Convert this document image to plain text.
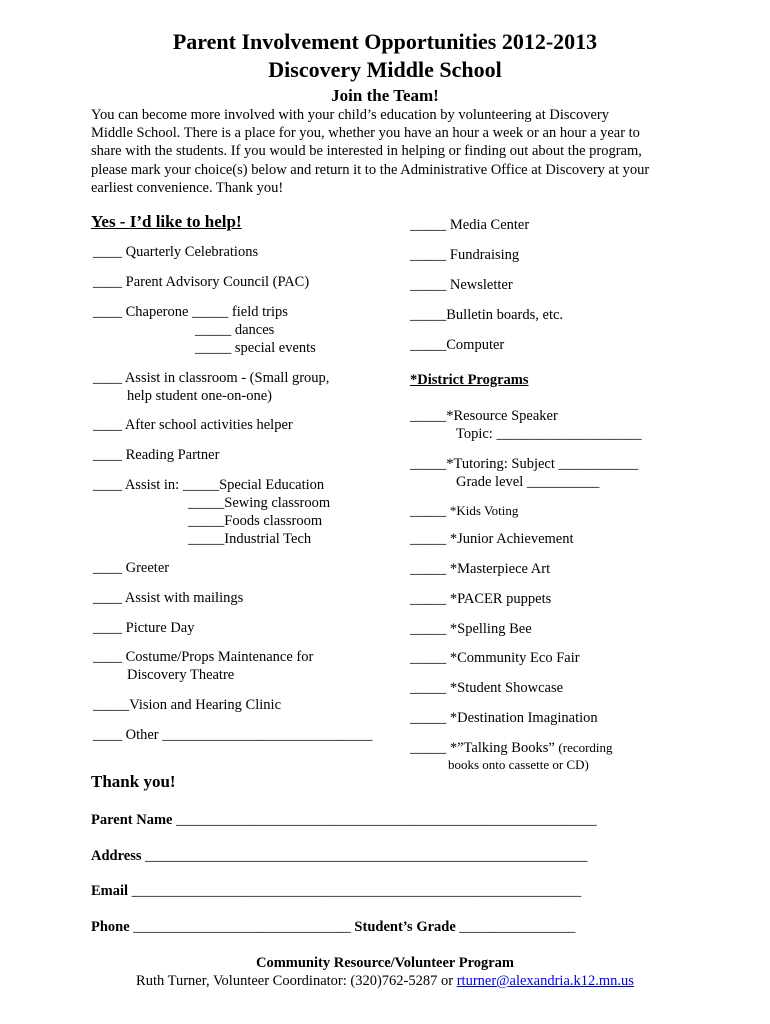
Parent Involvement Opportunities 2012-2013
Discovery Middle School
Join the Team!
You can become more involved with your child’s education by volunteering at Discovery
Middle School. There is a place for you, whether you have an hour a week or an hour a year to
share with the students. If you would be interested in helping or finding out about the program,
please mark your choice(s) below and return it to the Administrative Office at Discovery at your
earliest convenience. Thank you!
Yes - I’d like to help!
____ Quarterly Celebrations
____ Parent Advisory Council (PAC)
____ Chaperone _____ field trips
_____ dances
_____ special events
____ Assist in classroom - (Small group,
help student one-on-one)
____ After school activities helper
____ Reading Partner
____ Assist in: _____Special Education
_____Sewing classroom
_____Foods classroom
_____Industrial Tech
____ Greeter
____ Assist with mailings
____ Picture Day
____ Costume/Props Maintenance for
Discovery Theatre
_____Vision and Hearing Clinic
____ Other _____________________________
_____ Media Center
_____ Fundraising
_____ Newsletter
_____Bulletin boards, etc.
_____Computer
*District Programs
_____*Resource Speaker
Topic: ____________________
_____*Tutoring: Subject ___________
Grade level __________
_____ *Kids Voting
_____ *Junior Achievement
_____ *Masterpiece Art
_____ *PACER puppets
_____ *Spelling Bee
_____ *Community Eco Fair
_____ *Student Showcase
_____ *Destination Imagination
_____ *”Talking Books” (recording
books onto cassette or CD)
Thank you!
Parent Name __________________________________________________________
Address _____________________________________________________________
Email ______________________________________________________________
Phone ______________________________ Student’s Grade ________________
Community Resource/Volunteer Program
Ruth Turner, Volunteer Coordinator: (320)762-5287 or rturner@alexandria.k12.mn.us
